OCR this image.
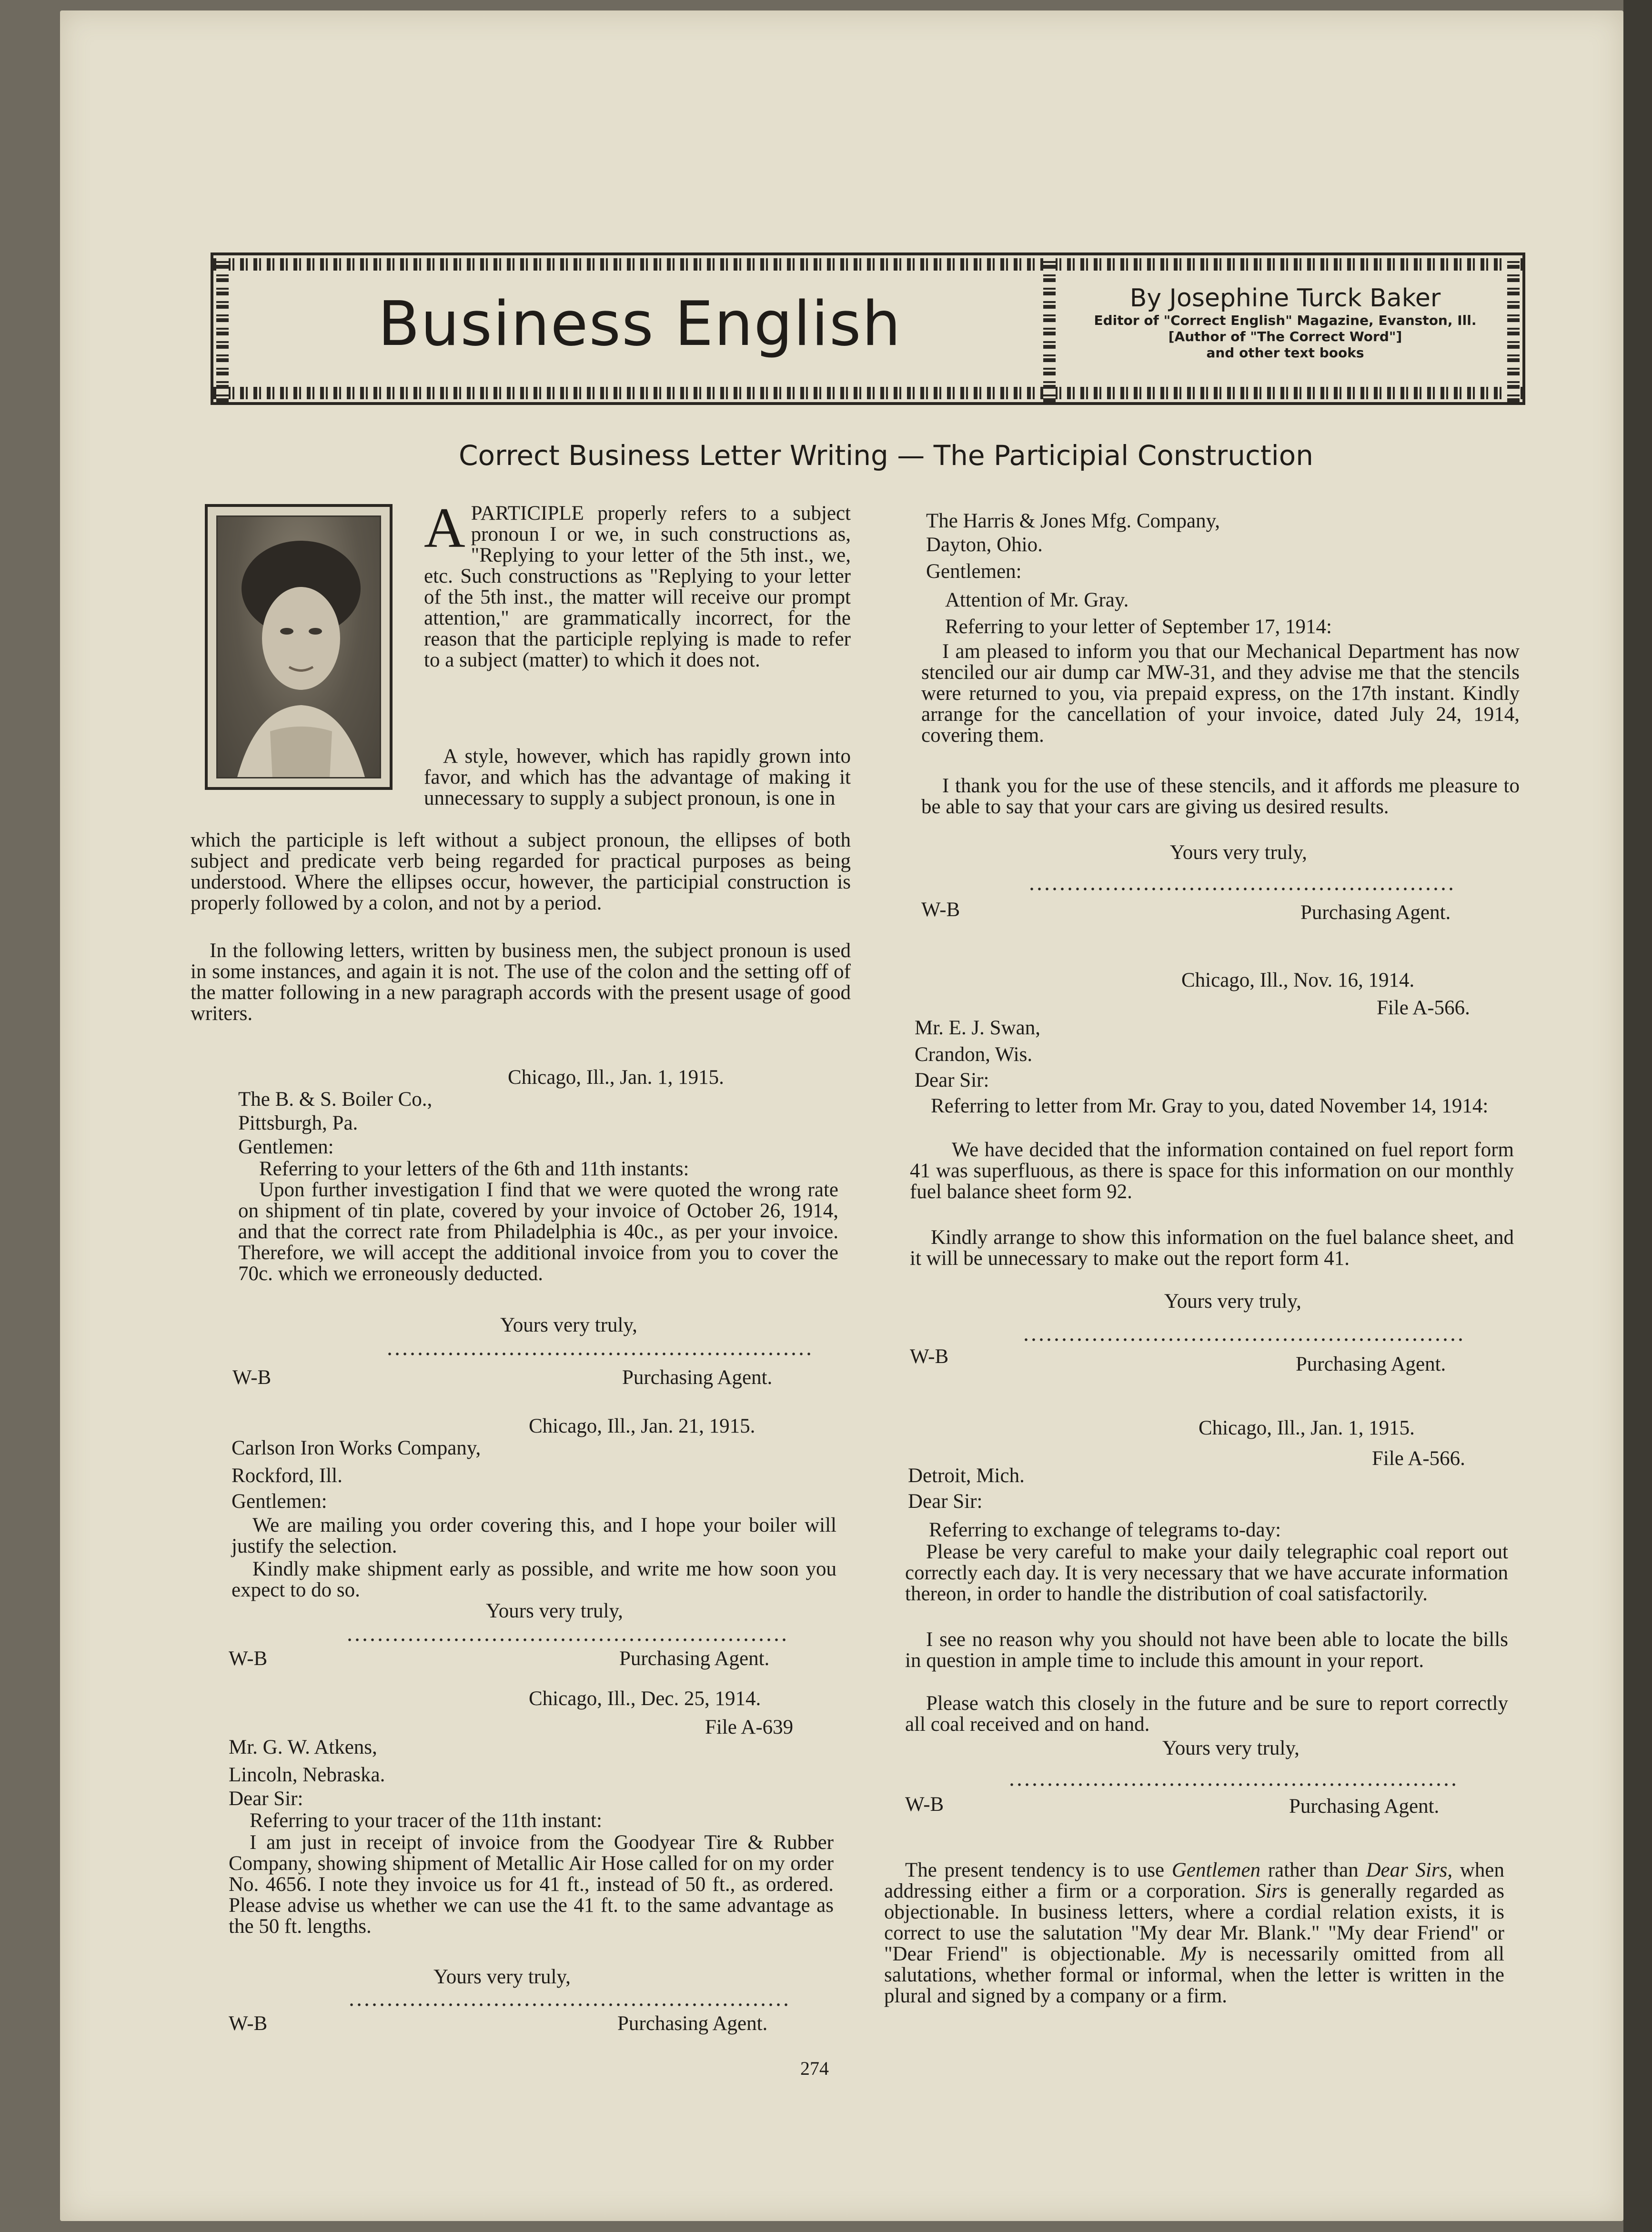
Business English	By Josephine Turck Baker
Editor of "Correct English" Magazine, Evanston, Ill.
[Author of "The Correct Word"]
and other text books
Correct Business Letter Writing — The Participial Construction
A PARTICIPLE properly refers to a subject pronoun I or we, in such constructions as, "Replying to your letter of the 5th inst., we, etc. Such constructions as "Replying to your letter of the 5th inst., the matter will receive our prompt attention," are grammatically incorrect, for the reason that the participle replying is made to refer to a subject (matter) to which it does not.

A style, however, which has rapidly grown into favor, and which has the advantage of making it unnecessary to supply a subject pronoun, is one in

which the participle is left without a subject pronoun, the ellipses of both subject and predicate verb being regarded for practical purposes as being understood. Where the ellipses occur, however, the participial construction is properly followed by a colon, and not by a period.

In the following letters, written by business men, the subject pronoun is used in some instances, and again it is not. The use of the colon and the setting off of the matter following in a new paragraph accords with the present usage of good writers.

Chicago, Ill., Jan. 1, 1915.

The B. & S. Boiler Co.,

Pittsburgh, Pa.

Gentlemen:

Referring to your letters of the 6th and 11th instants:

Upon further investigation I find that we were quoted the wrong rate on shipment of tin plate, covered by your invoice of October 26, 1914, and that the correct rate from Philadelphia is 40c., as per your invoice. Therefore, we will accept the additional invoice from you to cover the 70c. which we erroneously deducted.

Yours very truly,

W-B	Purchasing Agent.

Chicago, Ill., Jan. 21, 1915.

Carlson Iron Works Company,

Rockford, Ill.

Gentlemen:

We are mailing you order covering this, and I hope your boiler will justify the selection.

Kindly make shipment early as possible, and write me how soon you expect to do so.

Yours very truly,

W-B	Purchasing Agent.

Chicago, Ill., Dec. 25, 1914.

File A-639

Mr. G. W. Atkens,

Lincoln, Nebraska.

Dear Sir:

Referring to your tracer of the 11th instant:

I am just in receipt of invoice from the Goodyear Tire & Rubber Company, showing shipment of Metallic Air Hose called for on my order No. 4656. I note they invoice us for 41 ft., instead of 50 ft., as ordered. Please advise us whether we can use the 41 ft. to the same advantage as the 50 ft. lengths.

Yours very truly,

W-B	Purchasing Agent.

The Harris & Jones Mfg. Company,

Dayton, Ohio.

Gentlemen:

Attention of Mr. Gray.

Referring to your letter of September 17, 1914:

I am pleased to inform you that our Mechanical Department has now stenciled our air dump car MW-31, and they advise me that the stencils were returned to you, via prepaid express, on the 17th instant. Kindly arrange for the cancellation of your invoice, dated July 24, 1914, covering them.

I thank you for the use of these stencils, and it affords me pleasure to be able to say that your cars are giving us desired results.

Yours very truly,

W-B	Purchasing Agent.

Chicago, Ill., Nov. 16, 1914.

File A-566.

Mr. E. J. Swan,

Crandon, Wis.

Dear Sir:

Referring to letter from Mr. Gray to you, dated November 14, 1914:

We have decided that the information contained on fuel report form 41 was superfluous, as there is space for this information on our monthly fuel balance sheet form 92.

Kindly arrange to show this information on the fuel balance sheet, and it will be unnecessary to make out the report form 41.

Yours very truly,

W-B	Purchasing Agent.

Chicago, Ill., Jan. 1, 1915.

File A-566.

Detroit, Mich.

Dear Sir:

Referring to exchange of telegrams to-day:

Please be very careful to make your daily telegraphic coal report out correctly each day. It is very necessary that we have accurate information thereon, in order to handle the distribution of coal satisfactorily.

I see no reason why you should not have been able to locate the bills in question in ample time to include this amount in your report.

Please watch this closely in the future and be sure to report correctly all coal received and on hand.

Yours very truly,

W-B	Purchasing Agent.

The present tendency is to use Gentlemen rather than Dear Sirs, when addressing either a firm or a corporation. Sirs is generally regarded as objectionable. In business letters, where a cordial relation exists, it is correct to use the salutation "My dear Mr. Blank." "My dear Friend" or "Dear Friend" is objectionable. My is necessarily omitted from all salutations, whether formal or informal, when the letter is written in the plural and signed by a company or a firm.

274
